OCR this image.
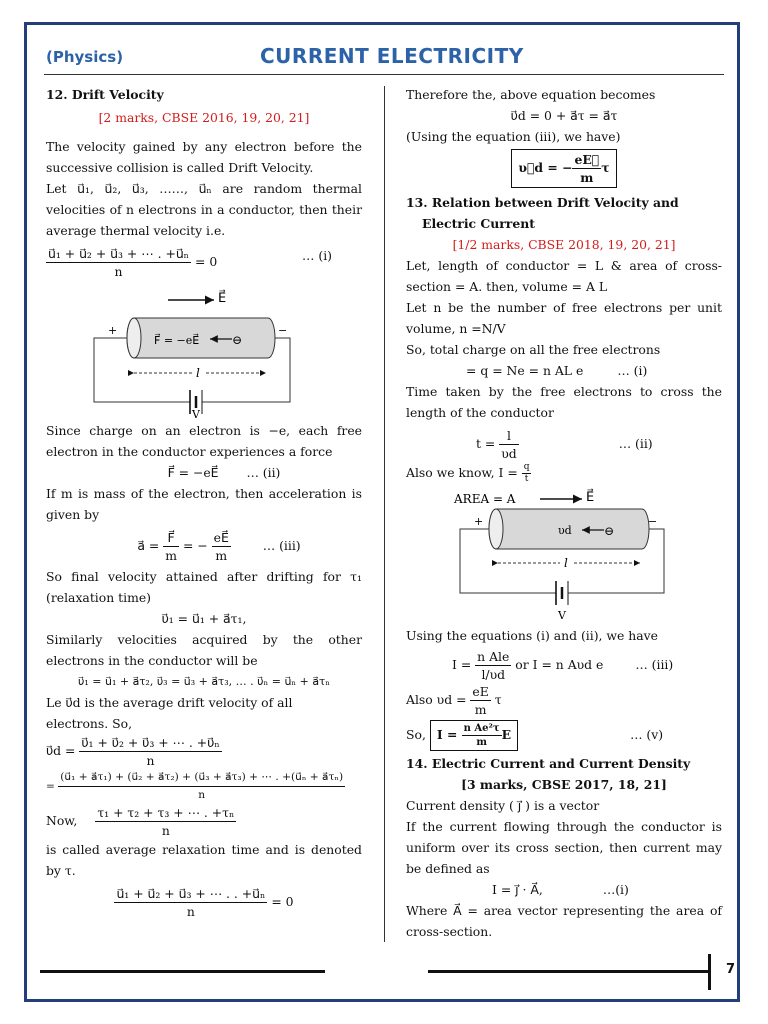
(Physics)	CURRENT ELECTRICITY

12. Drift Velocity

[2 marks, CBSE 2016, 19, 20, 21]

The velocity gained by any electron before the successive collision is called Drift Velocity.

Let u⃗₁, u⃗₂, u⃗₃, ……, u⃗ₙ are random thermal velocities of n electrons in a conductor, then their average thermal velocity i.e.

$\frac{\text{u⃗₁ + u⃗₂ + u⃗₃ + ⋯ . +u⃗ₙ}}{n} = 0$	… (i)
E⃗
F⃗ = −eE⃗	⊖
+	−
l
V

Since charge on an electron is −e, each free electron in the conductor experiences a force

F⃗ = −eE⃗ … (ii)

If m is mass of the electron, then acceleration is given by

a⃗ = $\frac{F⃗}{m}$ = − $\frac{eE⃗}{m}$	… (iii)

So final velocity attained after drifting for τ₁ (relaxation time)

υ⃗₁ = u⃗₁ + a⃗τ₁,

Similarly velocities acquired by the other electrons in the conductor will be

υ⃗₁ = u⃗₁ + a⃗τ₂, υ⃗₃ = u⃗₃ + a⃗τ₃, … . υ⃗ₙ = u⃗ₙ + a⃗τₙ

Le υ⃗d is the average drift velocity of all

electrons. So,

υ⃗d = $\frac{\text{υ⃗₁ + υ⃗₂ + υ⃗₃ + ⋯ . +υ⃗ₙ}}{n}$
=
(u⃗₁ + a⃗τ₁) + (u⃗₂ + a⃗τ₂) + (u⃗₃ + a⃗τ₃) + ⋯ . +(u⃗ₙ + a⃗τₙ)
n
Now, $\frac{\text{τ₁ + τ₂ + τ₃ + ⋯ . +τₙ}}{n}$

is called average relaxation time and is denoted by τ.

$\frac{\text{u⃗₁ + u⃗₂ + u⃗₃ + ⋯ . . +u⃗ₙ}}{n} = 0$

Therefore the, above equation becomes

υ⃗d = 0 + a⃗τ = a⃗τ

(Using the equation (iii), we have)

υ⃗d = − $\frac{eE⃗}{m}$ τ

13. Relation between Drift Velocity and

Electric Current

[1/2 marks, CBSE 2018, 19, 20, 21]

Let, length of conductor = L & area of cross-section = A. then, volume = A L

Let n be the number of free electrons per unit volume, n =N/V

So, total charge on all the free electrons

= q = Ne = n AL e	… (i)

Time taken by the free electrons to cross the length of the conductor

$t = \frac{l}{\upsilon d}$	… (ii)
Also we know, $I = \frac{q}{t}$
AREA = A	E⃗
υd	⊖
+	−
l
V

Using the equations (i) and (ii), we have

$I = \frac{\text{n Ale}}{l/\upsilon d}$ or I = n Aυd e	… (iii)
Also $\upsilon d = \frac{eE}{m}$ τ
So, $I = \frac{\text{n Ae²τ}}{m}$ E	… (v)

14. Electric Current and Current Density

[3 marks, CBSE 2017, 18, 21]

Current density ( j⃗ ) is a vector

If the current flowing through the conductor is uniform over its cross section, then current may be defined as

I = j⃗ · A⃗,	…(i)

Where A⃗ = area vector representing the area of cross-section.

7
